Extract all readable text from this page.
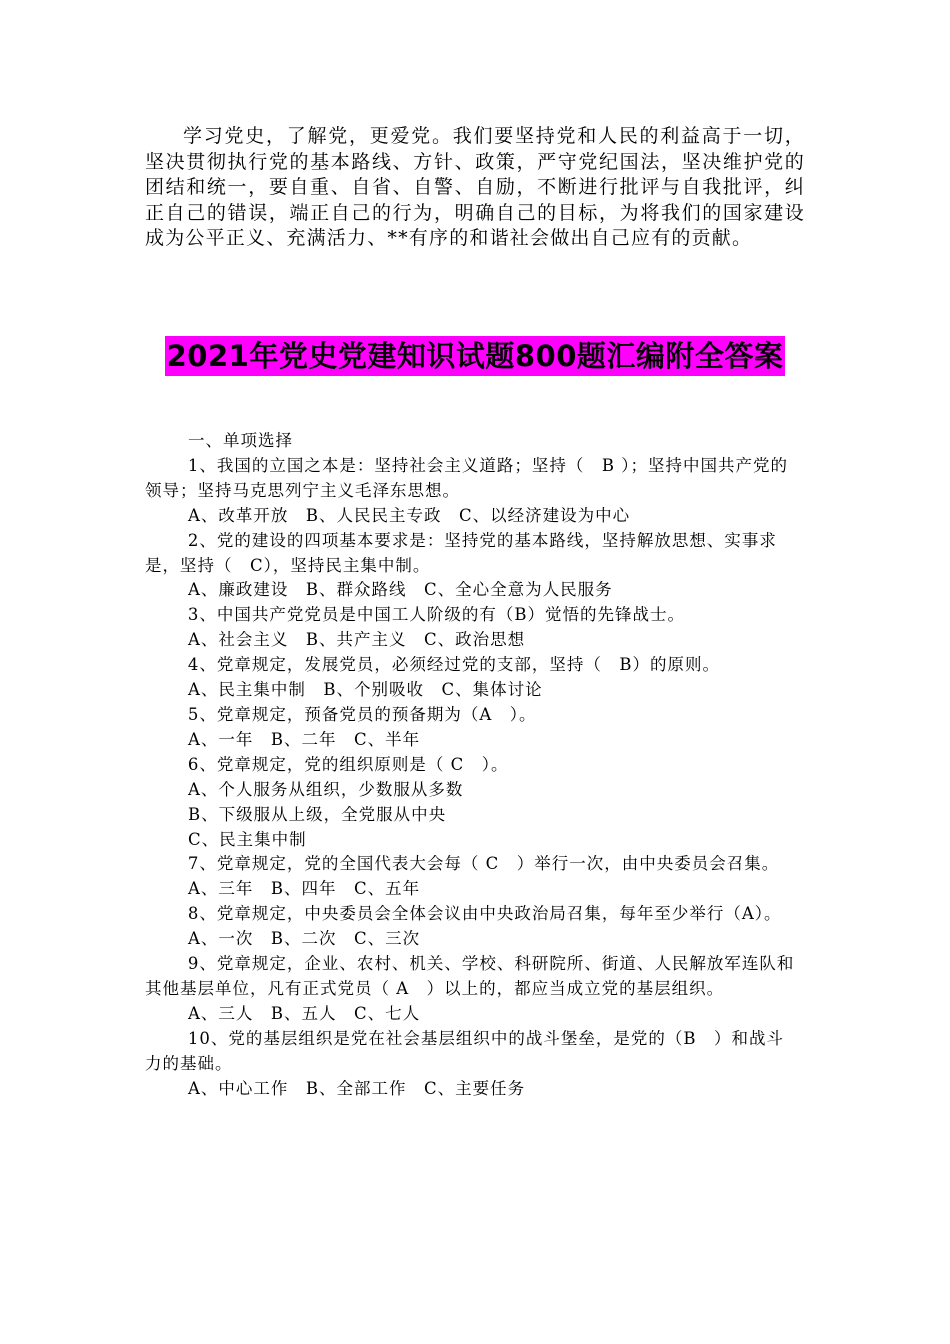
学习党史，了解党，更爱党。我们要坚持党和人民的利益高于一切，坚决贯彻执行党的基本路线、方针、政策，严守党纪国法，坚决维护党的团结和统一，要自重、自省、自警、自励，不断进行批评与自我批评，纠正自己的错误，端正自己的行为，明确自己的目标，为将我们的国家建设成为公平正义、充满活力、**有序的和谐社会做出自己应有的贡献。

2021年党史党建知识试题800题汇编附全答案

一、单项选择

1、我国的立国之本是：坚持社会主义道路；坚持（　B ）；坚持中国共产党的领导；坚持马克思列宁主义毛泽东思想。

A、改革开放　B、人民民主专政　C、以经济建设为中心

2、党的建设的四项基本要求是：坚持党的基本路线，坚持解放思想、实事求是，坚持（　C），坚持民主集中制。

A、廉政建设　B、群众路线　C、全心全意为人民服务

3、中国共产党党员是中国工人阶级的有（B）觉悟的先锋战士。

A、社会主义　B、共产主义　C、政治思想

4、党章规定，发展党员，必须经过党的支部，坚持（　B）的原则。

A、民主集中制　B、个别吸收　C、集体讨论

5、党章规定，预备党员的预备期为（A　）。

A、一年　B、二年　C、半年

6、党章规定，党的组织原则是（ C　）。

A、个人服务从组织，少数服从多数

B、下级服从上级，全党服从中央

C、民主集中制

7、党章规定，党的全国代表大会每（ C　）举行一次，由中央委员会召集。

A、三年　B、四年　C、五年

8、党章规定，中央委员会全体会议由中央政治局召集，每年至少举行（A）。

A、一次　B、二次　C、三次

9、党章规定，企业、农村、机关、学校、科研院所、街道、人民解放军连队和其他基层单位，凡有正式党员（ A　）以上的，都应当成立党的基层组织。

A、三人　B、五人　C、七人

10、党的基层组织是党在社会基层组织中的战斗堡垒，是党的（B　）和战斗力的基础。

A、中心工作　B、全部工作　C、主要任务
